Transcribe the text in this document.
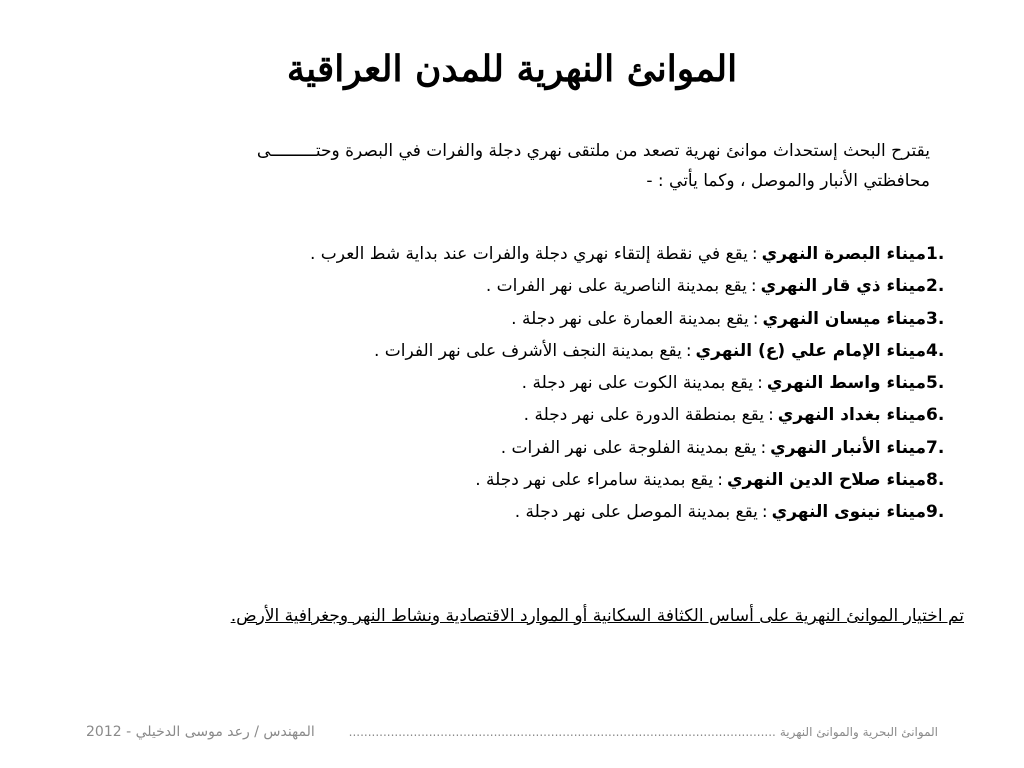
الموانئ النهرية للمدن العراقية

يقترح البحث إستحداث موانئ نهرية تصعد من ملتقى نهري دجلة والفرات في البصرة وحتـــــــــى

محافظتي الأنبار والموصل ، وكما يأتي : -

1.
ميناء البصرة النهري
:
يقع في نقطة إلتقاء نهري دجلة والفرات عند بداية شط العرب .
2.
ميناء ذي قار النهري
:
يقع بمدينة الناصرية على نهر الفرات .
3.
ميناء ميسان النهري
:
يقع بمدينة العمارة على نهر دجلة .
4.
ميناء الإمام علي (ع) النهري
:
يقع بمدينة النجف الأشرف على نهر الفرات .
5.
ميناء واسط النهري
:
يقع بمدينة الكوت على نهر دجلة .
6.
ميناء بغداد النهري
:
يقع بمنطقة الدورة على نهر دجلة .
7.
ميناء الأنبار النهري
:
يقع بمدينة الفلوجة على نهر الفرات .
8.
ميناء صلاح الدين النهري
:
يقع بمدينة سامراء على نهر دجلة .
9.
ميناء نينوى النهري
:
يقع بمدينة الموصل على نهر دجلة .
تم اختيار الموانئ النهرية على أساس الكثافة السكانية أو الموارد الاقتصادية ونشاط النهر وجغرافية الأرض.
الموانئ البحرية والموانئ النهرية
................................................................................................................
المهندس / رعد موسى الدخيلي - 2012
